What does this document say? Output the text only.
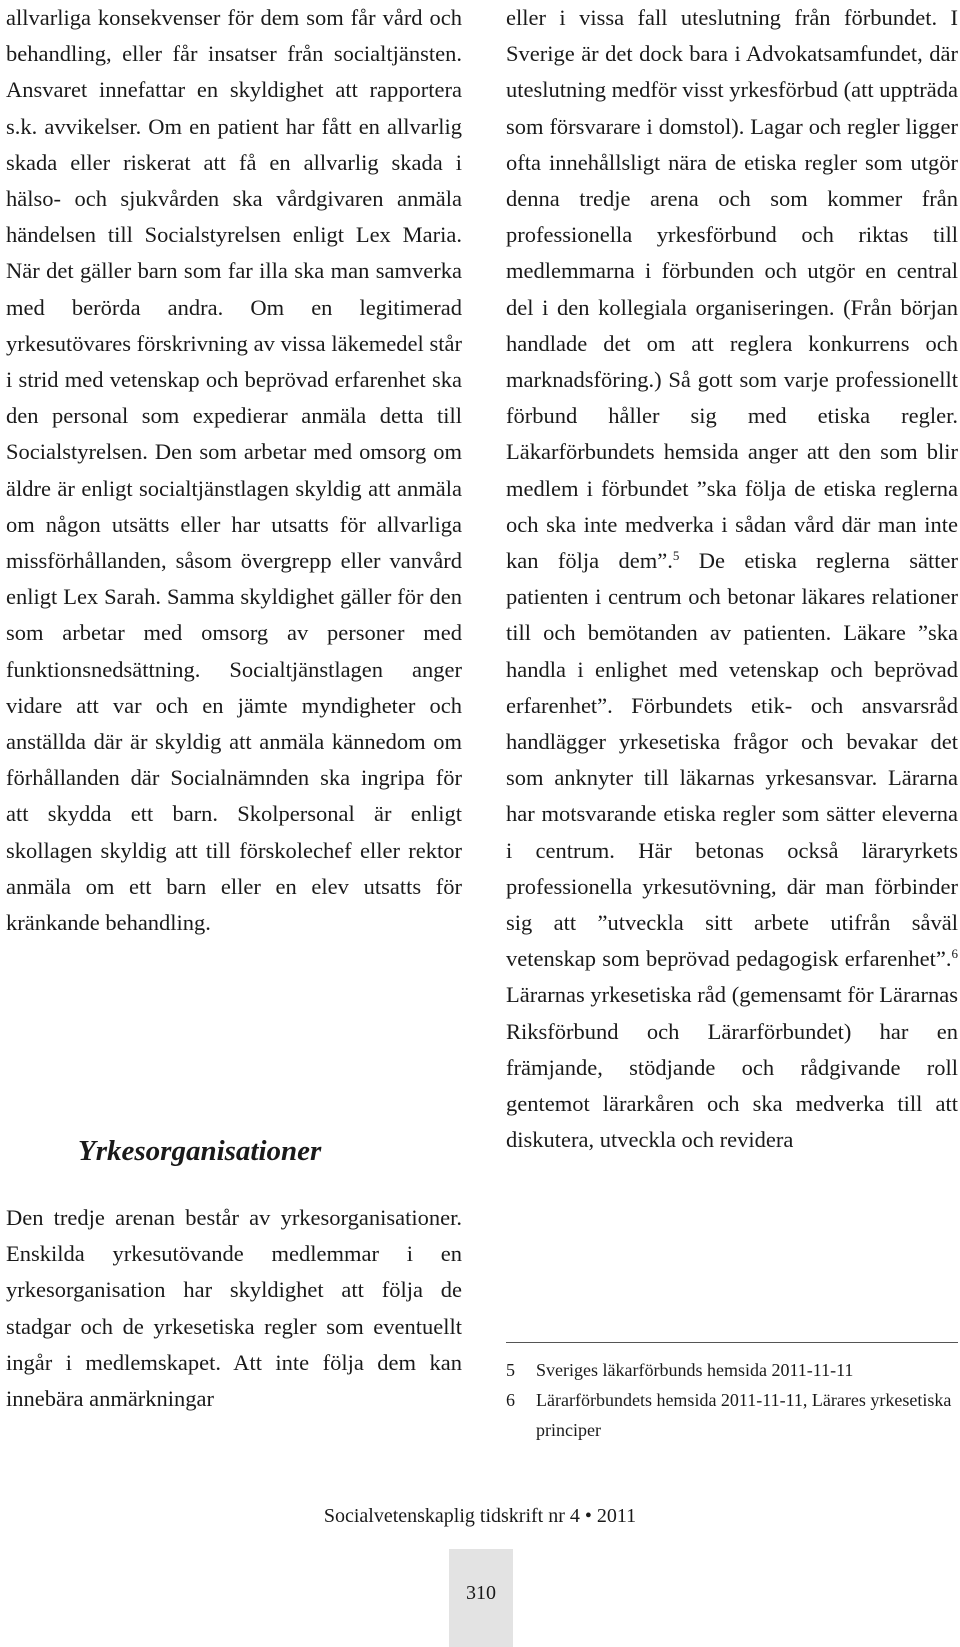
allvarliga konsekvenser för dem som får vård och behandling, eller får insatser från socialtjänsten. Ansvaret innefattar en skyldighet att rapportera s.k. avvikelser. Om en patient har fått en allvarlig skada eller riskerat att få en allvarlig skada i hälso- och sjukvården ska vårdgivaren anmäla händelsen till Socialstyrelsen enligt Lex Maria. När det gäller barn som far illa ska man samverka med berörda andra. Om en legitimerad yrkesutövares förskrivning av vissa läkemedel står i strid med vetenskap och beprövad erfarenhet ska den personal som expedierar anmäla detta till Socialstyrelsen. Den som arbetar med omsorg om äldre är enligt socialtjänstlagen skyldig att anmäla om någon utsätts eller har utsatts för allvarliga missförhållanden, såsom övergrepp eller vanvård enligt Lex Sarah. Samma skyldighet gäller för den som arbetar med omsorg av personer med funktionsnedsättning. Socialtjänstlagen anger vidare att var och en jämte myndigheter och anställda där är skyldig att anmäla kännedom om förhållanden där Socialnämnden ska ingripa för att skydda ett barn. Skolpersonal är enligt skollagen skyldig att till förskolechef eller rektor anmäla om ett barn eller en elev utsatts för kränkande behandling.

Yrkesorganisationer

Den tredje arenan består av yrkesorganisationer. Enskilda yrkesutövande medlemmar i en yrkesorganisation har skyldighet att följa de stadgar och de yrkesetiska regler som eventuellt ingår i medlemskapet. Att inte följa dem kan innebära anmärkningar

eller i vissa fall uteslutning från förbundet. I Sverige är det dock bara i Advokatsamfundet, där uteslutning medför visst yrkesförbud (att uppträda som försvarare i domstol). Lagar och regler ligger ofta innehållsligt nära de etiska regler som utgör denna tredje arena och som kommer från professionella yrkesförbund och riktas till medlemmarna i förbunden och utgör en central del i den kollegiala organiseringen. (Från början handlade det om att reglera konkurrens och marknadsföring.) Så gott som varje professionellt förbund håller sig med etiska regler. Läkarförbundets hemsida anger att den som blir medlem i förbundet ”ska följa de etiska reglerna och ska inte medverka i sådan vård där man inte kan följa dem”.$^5$ De etiska reglerna sätter patienten i centrum och betonar läkares relationer till och bemötanden av patienten. Läkare ”ska handla i enlighet med vetenskap och beprövad erfarenhet”. Förbundets etik- och ansvarsråd handlägger yrkesetiska frågor och bevakar det som anknyter till läkarnas yrkesansvar. Lärarna har motsvarande etiska regler som sätter eleverna i centrum. Här betonas också läraryrkets professionella yrkesutövning, där man förbinder sig att ”utveckla sitt arbete utifrån såväl vetenskap som beprövad pedagogisk erfarenhet”.$^6$ Lärarnas yrkesetiska råd (gemensamt för Lärarnas Riksförbund och Lärarförbundet) har en främjande, stödjande och rådgivande roll gentemot lärarkåren och ska medverka till att diskutera, utveckla och revidera

5	Sveriges läkarförbunds hemsida 2011-11-11
6	Lärarförbundets hemsida 2011-11-11, Lärares yrkesetiska principer
Socialvetenskaplig tidskrift nr 4 • 2011
310
